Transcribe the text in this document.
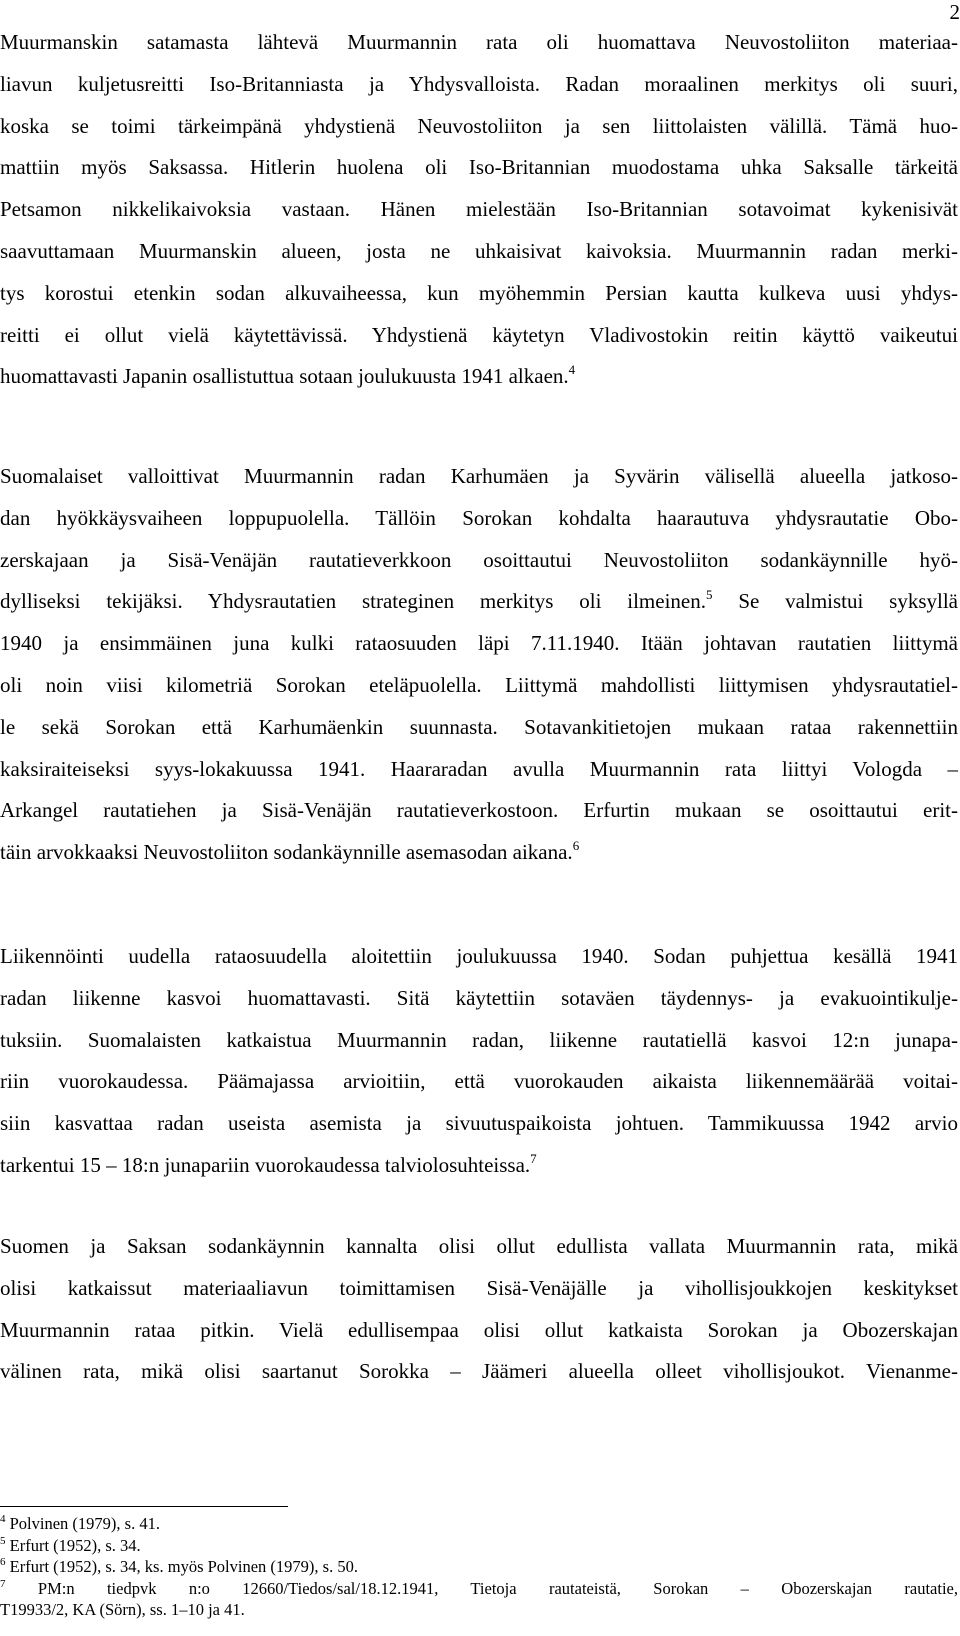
2
Muurmanskin satamasta lähtevä Muurmannin rata oli huomattava Neuvostoliiton materiaa-
liavun kuljetusreitti Iso-Britanniasta ja Yhdysvalloista. Radan moraalinen merkitys oli suuri,
koska se toimi tärkeimpänä yhdystienä Neuvostoliiton ja sen liittolaisten välillä. Tämä huo-
mattiin myös Saksassa. Hitlerin huolena oli Iso-Britannian muodostama uhka Saksalle tärkeitä
Petsamon nikkelikaivoksia vastaan. Hänen mielestään Iso-Britannian sotavoimat kykenisivät
saavuttamaan Muurmanskin alueen, josta ne uhkaisivat kaivoksia. Muurmannin radan merki-
tys korostui etenkin sodan alkuvaiheessa, kun myöhemmin Persian kautta kulkeva uusi yhdys-
reitti ei ollut vielä käytettävissä. Yhdystienä käytetyn Vladivostokin reitin käyttö vaikeutui
huomattavasti Japanin osallistuttua sotaan joulukuusta 1941 alkaen.$^4$
Suomalaiset valloittivat Muurmannin radan Karhumäen ja Syvärin välisellä alueella jatkoso-
dan hyökkäysvaiheen loppupuolella. Tällöin Sorokan kohdalta haarautuva yhdysrautatie Obo-
zerskajaan ja Sisä-Venäjän rautatieverkkoon osoittautui Neuvostoliiton sodankäynnille hyö-
dylliseksi tekijäksi. Yhdysrautatien strateginen merkitys oli ilmeinen.$^5$ Se valmistui syksyllä
1940 ja ensimmäinen juna kulki rataosuuden läpi 7.11.1940. Itään johtavan rautatien liittymä
oli noin viisi kilometriä Sorokan eteläpuolella. Liittymä mahdollisti liittymisen yhdysrautatiel-
le sekä Sorokan että Karhumäenkin suunnasta. Sotavankitietojen mukaan rataa rakennettiin
kaksiraiteiseksi syys-lokakuussa 1941. Haararadan avulla Muurmannin rata liittyi Vologda –
Arkangel rautatiehen ja Sisä-Venäjän rautatieverkostoon. Erfurtin mukaan se osoittautui erit-
täin arvokkaaksi Neuvostoliiton sodankäynnille asemasodan aikana.$^6$
Liikennöinti uudella rataosuudella aloitettiin joulukuussa 1940. Sodan puhjettua kesällä 1941
radan liikenne kasvoi huomattavasti. Sitä käytettiin sotaväen täydennys- ja evakuointikulje-
tuksiin. Suomalaisten katkaistua Muurmannin radan, liikenne rautatiellä kasvoi 12:n junapa-
riin vuorokaudessa. Päämajassa arvioitiin, että vuorokauden aikaista liikennemäärää voitai-
siin kasvattaa radan useista asemista ja sivuutuspaikoista johtuen. Tammikuussa 1942 arvio
tarkentui 15 – 18:n junapariin vuorokaudessa talviolosuhteissa.$^7$
Suomen ja Saksan sodankäynnin kannalta olisi ollut edullista vallata Muurmannin rata, mikä
olisi katkaissut materiaaliavun toimittamisen Sisä-Venäjälle ja vihollisjoukkojen keskitykset
Muurmannin rataa pitkin. Vielä edullisempaa olisi ollut katkaista Sorokan ja Obozerskajan
välinen rata, mikä olisi saartanut Sorokka – Jäämeri alueella olleet vihollisjoukot. Vienanme-
$^4$ Polvinen (1979), s. 41.
$^5$ Erfurt (1952), s. 34.
$^6$ Erfurt (1952), s. 34, ks. myös Polvinen (1979), s. 50.
$^7$ PM:n tiedpvk n:o 12660/Tiedos/sal/18.12.1941, Tietoja rautateistä, Sorokan – Obozerskajan rautatie,
T19933/2, KA (Sörn), ss. 1–10 ja 41.
